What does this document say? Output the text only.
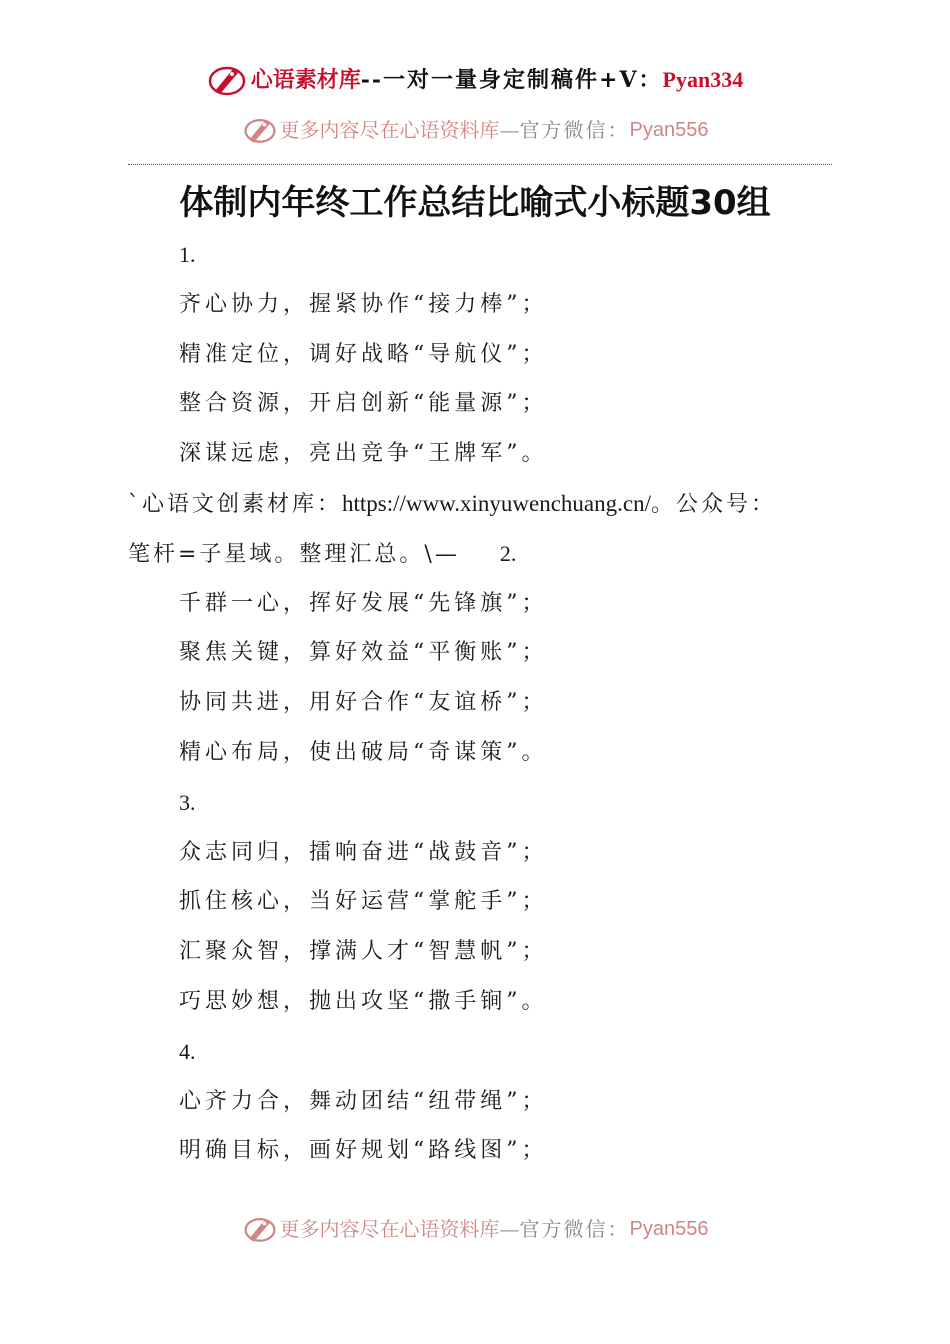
心语素材库 --一对一量身定制稿件+V： Pyan334
更多内容尽在心语资料库 — 官方微信： Pyan556
体制内年终工作总结比喻式小标题30组
1.
齐心协力，握紧协作“接力棒”；
精准定位，调好战略“导航仪”；
整合资源，开启创新“能量源”；
深谋远虑，亮出竞争“王牌军”。
`心语文创素材库：https://www.xinyuwenchuang.cn/。公众号：
笔杆=子星域。整理汇总。\— 2.
千群一心，挥好发展“先锋旗”；
聚焦关键，算好效益“平衡账”；
协同共进，用好合作“友谊桥”；
精心布局，使出破局“奇谋策”。
3.
众志同归，擂响奋进“战鼓音”；
抓住核心，当好运营“掌舵手”；
汇聚众智，撑满人才“智慧帆”；
巧思妙想，抛出攻坚“撒手锏”。
4.
心齐力合，舞动团结“纽带绳”；
明确目标，画好规划“路线图”；
更多内容尽在心语资料库 — 官方微信： Pyan556
